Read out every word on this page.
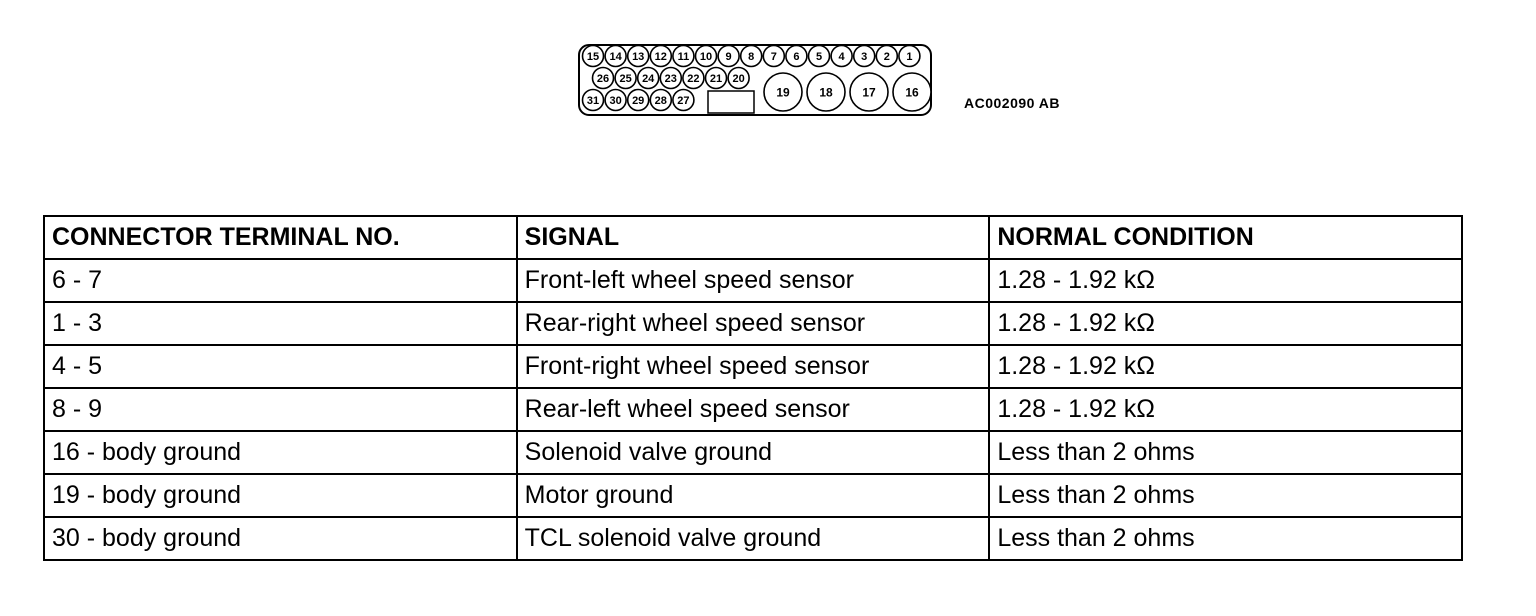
15 14 13 12 11 10 9 8 7 6 5 4 3 2 1
26 25 24 23 22 21 20
31 30 29 28 27
19 18 17 16
AC002090 AB
CONNECTOR TERMINAL NO.	SIGNAL	NORMAL CONDITION
6 - 7	Front-left wheel speed sensor	1.28 - 1.92 kΩ
1 - 3	Rear-right wheel speed sensor	1.28 - 1.92 kΩ
4 - 5	Front-right wheel speed sensor	1.28 - 1.92 kΩ
8 - 9	Rear-left wheel speed sensor	1.28 - 1.92 kΩ
16 - body ground	Solenoid valve ground	Less than 2 ohms
19 - body ground	Motor ground	Less than 2 ohms
30 - body ground	TCL solenoid valve ground	Less than 2 ohms
